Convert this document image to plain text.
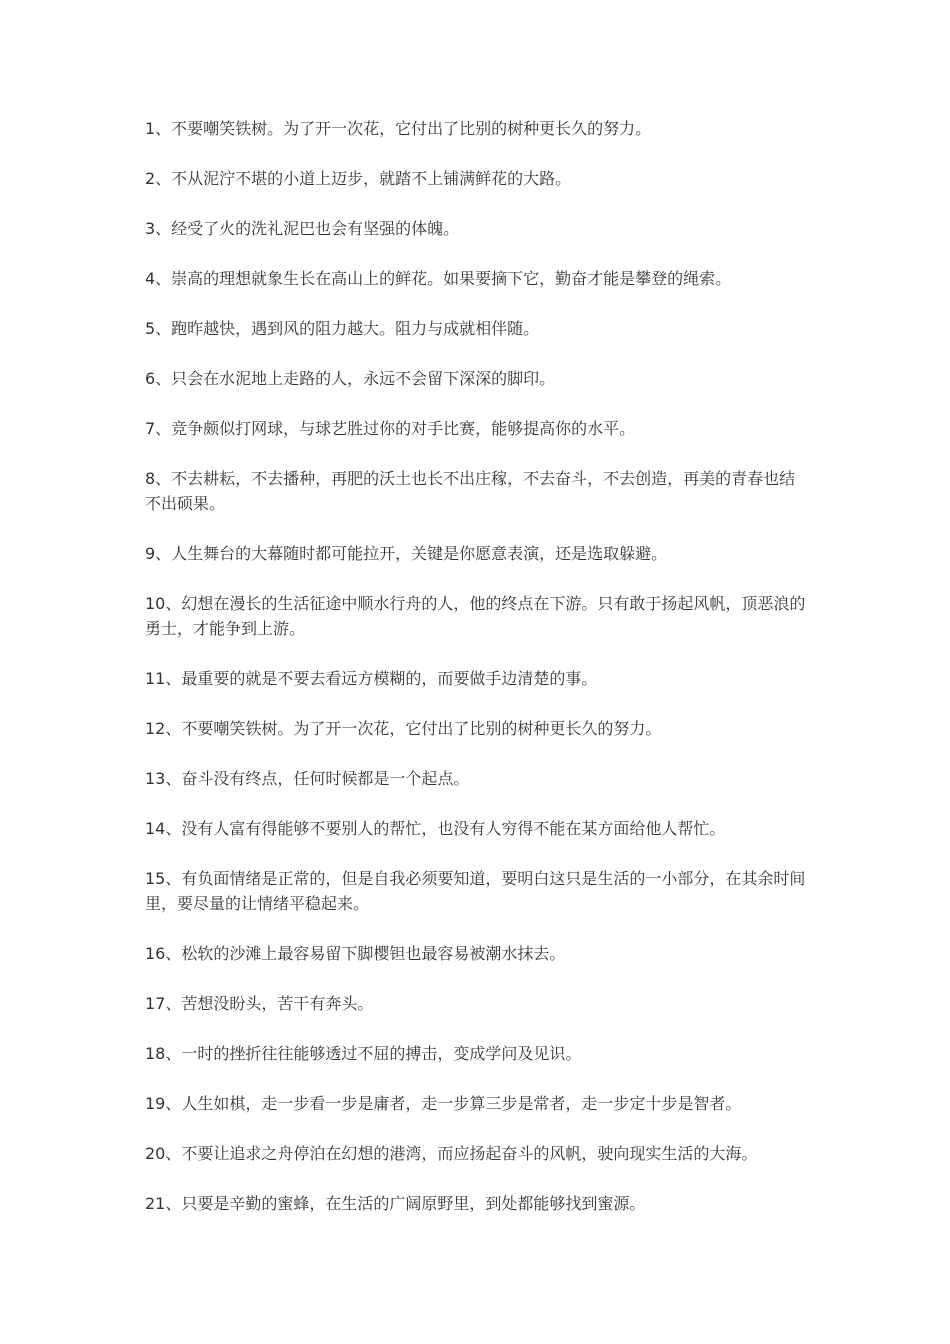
1、不要嘲笑铁树。为了开一次花，它付出了比别的树种更长久的努力。
2、不从泥泞不堪的小道上迈步，就踏不上铺满鲜花的大路。
3、经受了火的洗礼泥巴也会有坚强的体魄。
4、崇高的理想就象生长在高山上的鲜花。如果要摘下它，勤奋才能是攀登的绳索。
5、跑昨越快，遇到风的阻力越大。阻力与成就相伴随。
6、只会在水泥地上走路的人，永远不会留下深深的脚印。
7、竞争颇似打网球，与球艺胜过你的对手比赛，能够提高你的水平。
8、不去耕耘，不去播种，再肥的沃土也长不出庄稼，不去奋斗，不去创造，再美的青春也结不出硕果。
9、人生舞台的大幕随时都可能拉开，关键是你愿意表演，还是选取躲避。
10、幻想在漫长的生活征途中顺水行舟的人，他的终点在下游。只有敢于扬起风帆，顶恶浪的勇士，才能争到上游。
11、最重要的就是不要去看远方模糊的，而要做手边清楚的事。
12、不要嘲笑铁树。为了开一次花，它付出了比别的树种更长久的努力。
13、奋斗没有终点，任何时候都是一个起点。
14、没有人富有得能够不要别人的帮忙，也没有人穷得不能在某方面给他人帮忙。
15、有负面情绪是正常的，但是自我必须要知道，要明白这只是生活的一小部分，在其余时间里，要尽量的让情绪平稳起来。
16、松软的沙滩上最容易留下脚樱钽也最容易被潮水抹去。
17、苦想没盼头，苦干有奔头。
18、一时的挫折往往能够透过不屈的搏击，变成学问及见识。
19、人生如棋，走一步看一步是庸者，走一步算三步是常者，走一步定十步是智者。
20、不要让追求之舟停泊在幻想的港湾，而应扬起奋斗的风帆，驶向现实生活的大海。
21、只要是辛勤的蜜蜂，在生活的广阔原野里，到处都能够找到蜜源。
